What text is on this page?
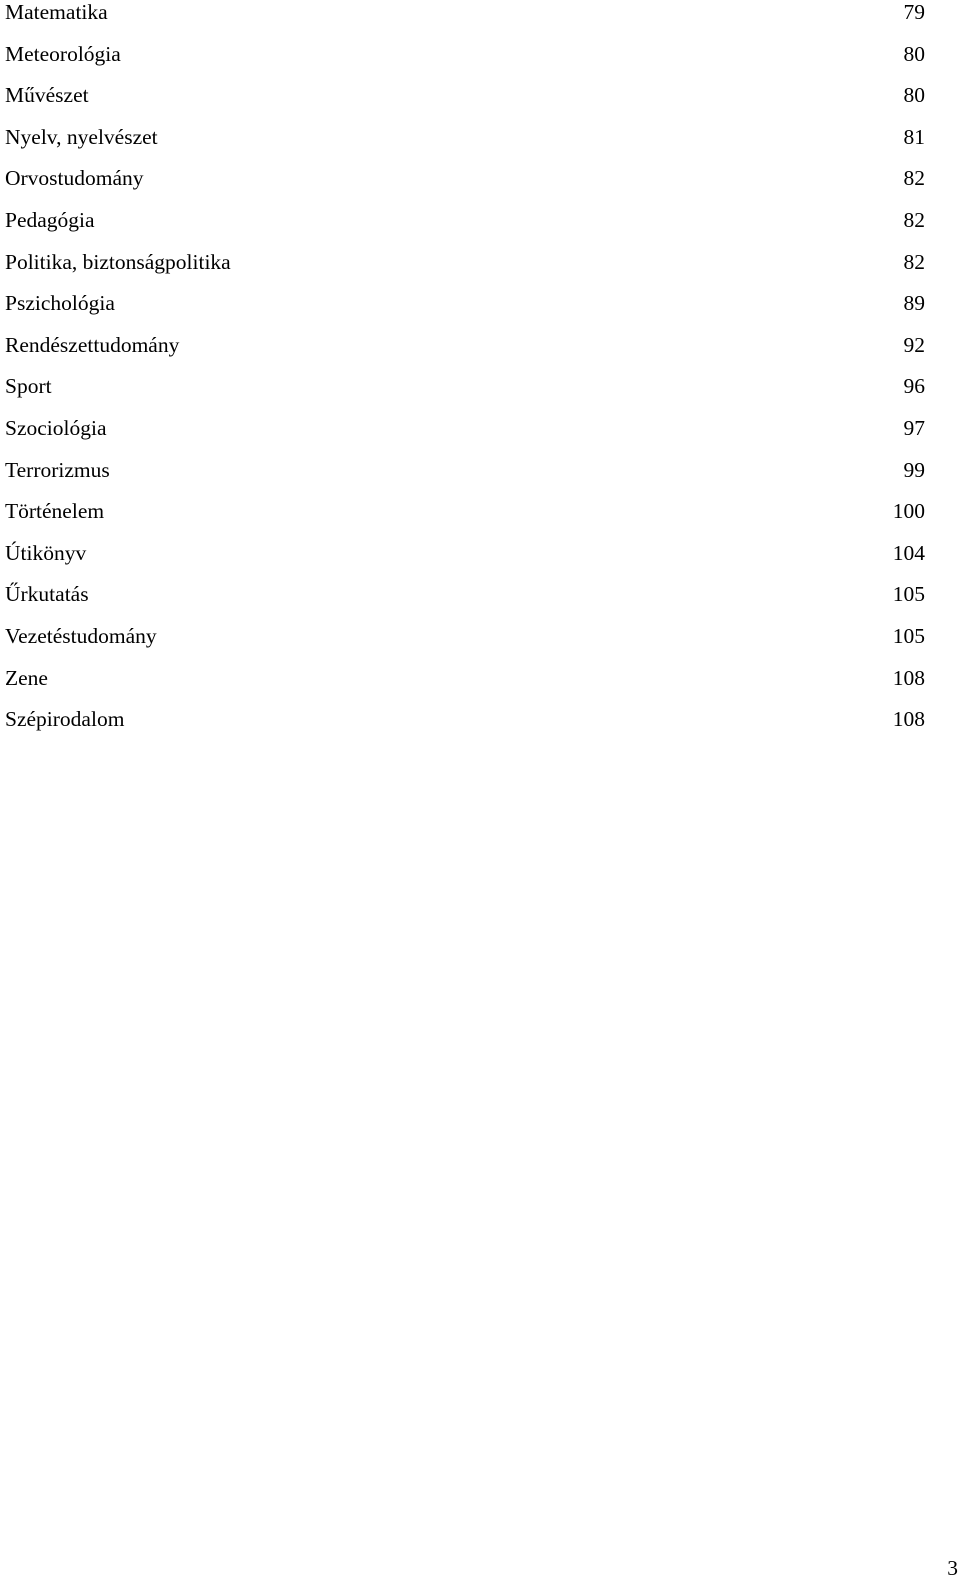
Matematika	79
Meteorológia	80
Művészet	80
Nyelv, nyelvészet	81
Orvostudomány	82
Pedagógia	82
Politika, biztonságpolitika	82
Pszichológia	89
Rendészettudomány	92
Sport	96
Szociológia	97
Terrorizmus	99
Történelem	100
Útikönyv	104
Űrkutatás	105
Vezetéstudomány	105
Zene	108
Szépirodalom	108
3
